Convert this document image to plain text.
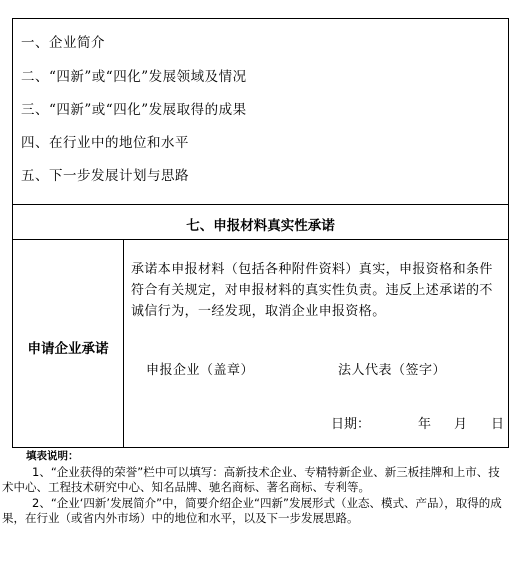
一、企业简介
二、“四新”或“四化”发展领域及情况
三、“四新”或“四化”发展取得的成果
四、在行业中的地位和水平
五、下一步发展计划与思路
七、申报材料真实性承诺
申请企业承诺
承诺本申报材料（包括各种附件资料）真实，申报资格和条件符合有关规定，对申报材料的真实性负责。违反上述承诺的不诚信行为，一经发现，取消企业申报资格。
申报企业（盖章）	法人代表（签字）
日期：	年 月 日
填表说明：
1、“企业获得的荣誉”栏中可以填写：高新技术企业、专精特新企业、新三板挂牌和上市、技术中心、工程技术研究中心、知名品牌、驰名商标、著名商标、专利等。
2、“企业‘四新’发展简介”中，简要介绍企业“四新”发展形式（业态、模式、产品），取得的成果，在行业（或省内外市场）中的地位和水平，以及下一步发展思路。
